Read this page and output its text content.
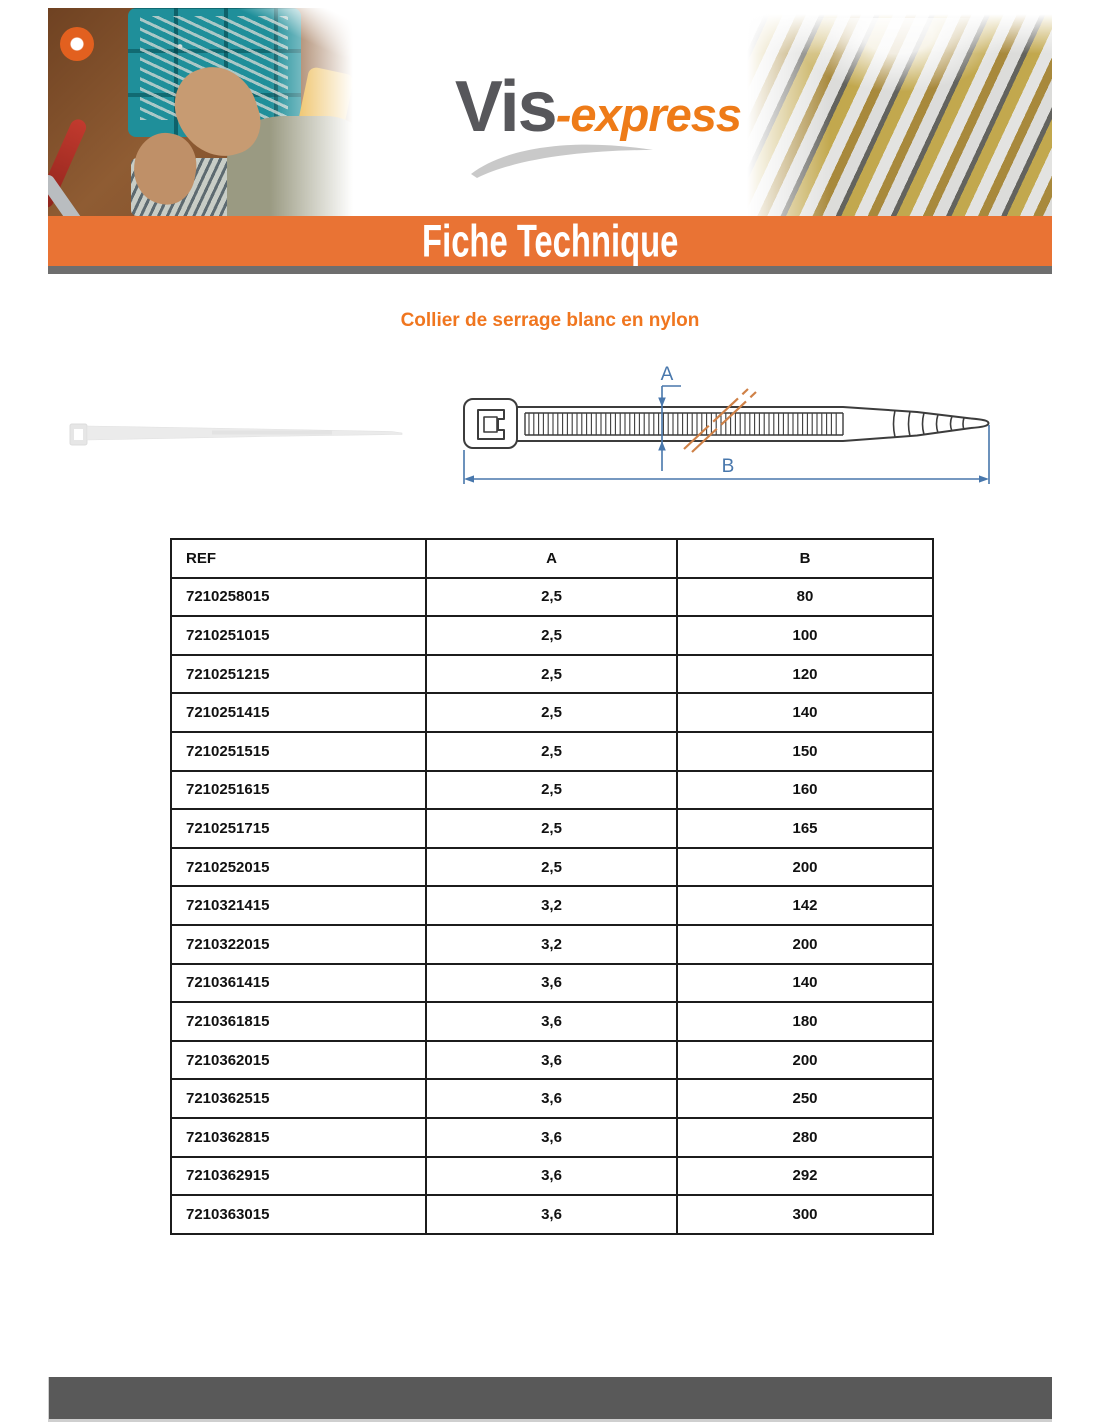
Vis-express
Fiche Technique
Collier de serrage blanc en nylon
A
B
REF	A	B
7210258015	2,5	80
7210251015	2,5	100
7210251215	2,5	120
7210251415	2,5	140
7210251515	2,5	150
7210251615	2,5	160
7210251715	2,5	165
7210252015	2,5	200
7210321415	3,2	142
7210322015	3,2	200
7210361415	3,6	140
7210361815	3,6	180
7210362015	3,6	200
7210362515	3,6	250
7210362815	3,6	280
7210362915	3,6	292
7210363015	3,6	300
